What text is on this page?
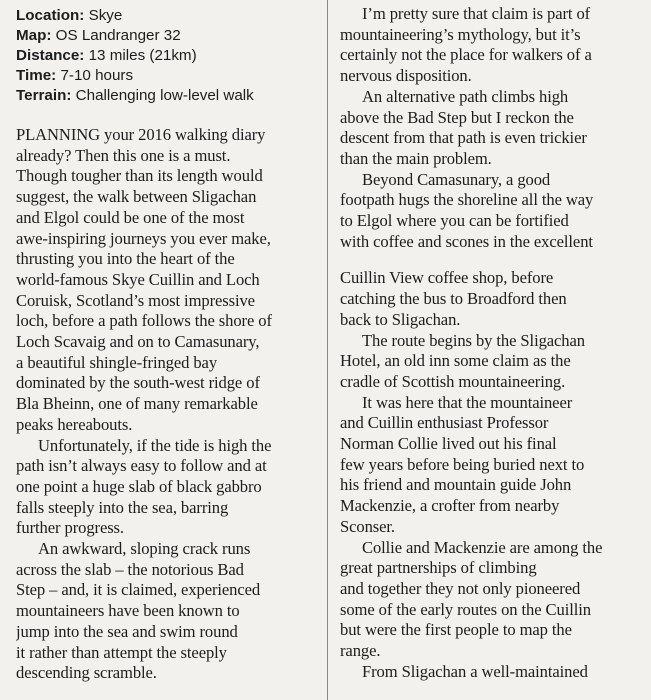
Location: Skye
Map: OS Landranger 32
Distance: 13 miles (21km)
Time: 7-10 hours
Terrain: Challenging low-level walk
PLANNING your 2016 walking diary
already? Then this one is a must.
Though tougher than its length would
suggest, the walk between Sligachan
and Elgol could be one of the most
awe-inspiring journeys you ever make,
thrusting you into the heart of the
world-famous Skye Cuillin and Loch
Coruisk, Scotland’s most impressive
loch, before a path follows the shore of
Loch Scavaig and on to Camasunary,
a beautiful shingle-fringed bay
dominated by the south-west ridge of
Bla Bheinn, one of many remarkable
peaks hereabouts.
Unfortunately, if the tide is high the
path isn’t always easy to follow and at
one point a huge slab of black gabbro
falls steeply into the sea, barring
further progress.
An awkward, sloping crack runs
across the slab – the notorious Bad
Step – and, it is claimed, experienced
mountaineers have been known to
jump into the sea and swim round
it rather than attempt the steeply
descending scramble.
I’m pretty sure that claim is part of
mountaineering’s mythology, but it’s
certainly not the place for walkers of a
nervous disposition.
An alternative path climbs high
above the Bad Step but I reckon the
descent from that path is even trickier
than the main problem.
Beyond Camasunary, a good
footpath hugs the shoreline all the way
to Elgol where you can be fortified
with coffee and scones in the excellent
Cuillin View coffee shop, before
catching the bus to Broadford then
back to Sligachan.
The route begins by the Sligachan
Hotel, an old inn some claim as the
cradle of Scottish mountaineering.
It was here that the mountaineer
and Cuillin enthusiast Professor
Norman Collie lived out his final
few years before being buried next to
his friend and mountain guide John
Mackenzie, a crofter from nearby
Sconser.
Collie and Mackenzie are among the
great partnerships of climbing
and together they not only pioneered
some of the early routes on the Cuillin
but were the first people to map the
range.
From Sligachan a well-maintained
